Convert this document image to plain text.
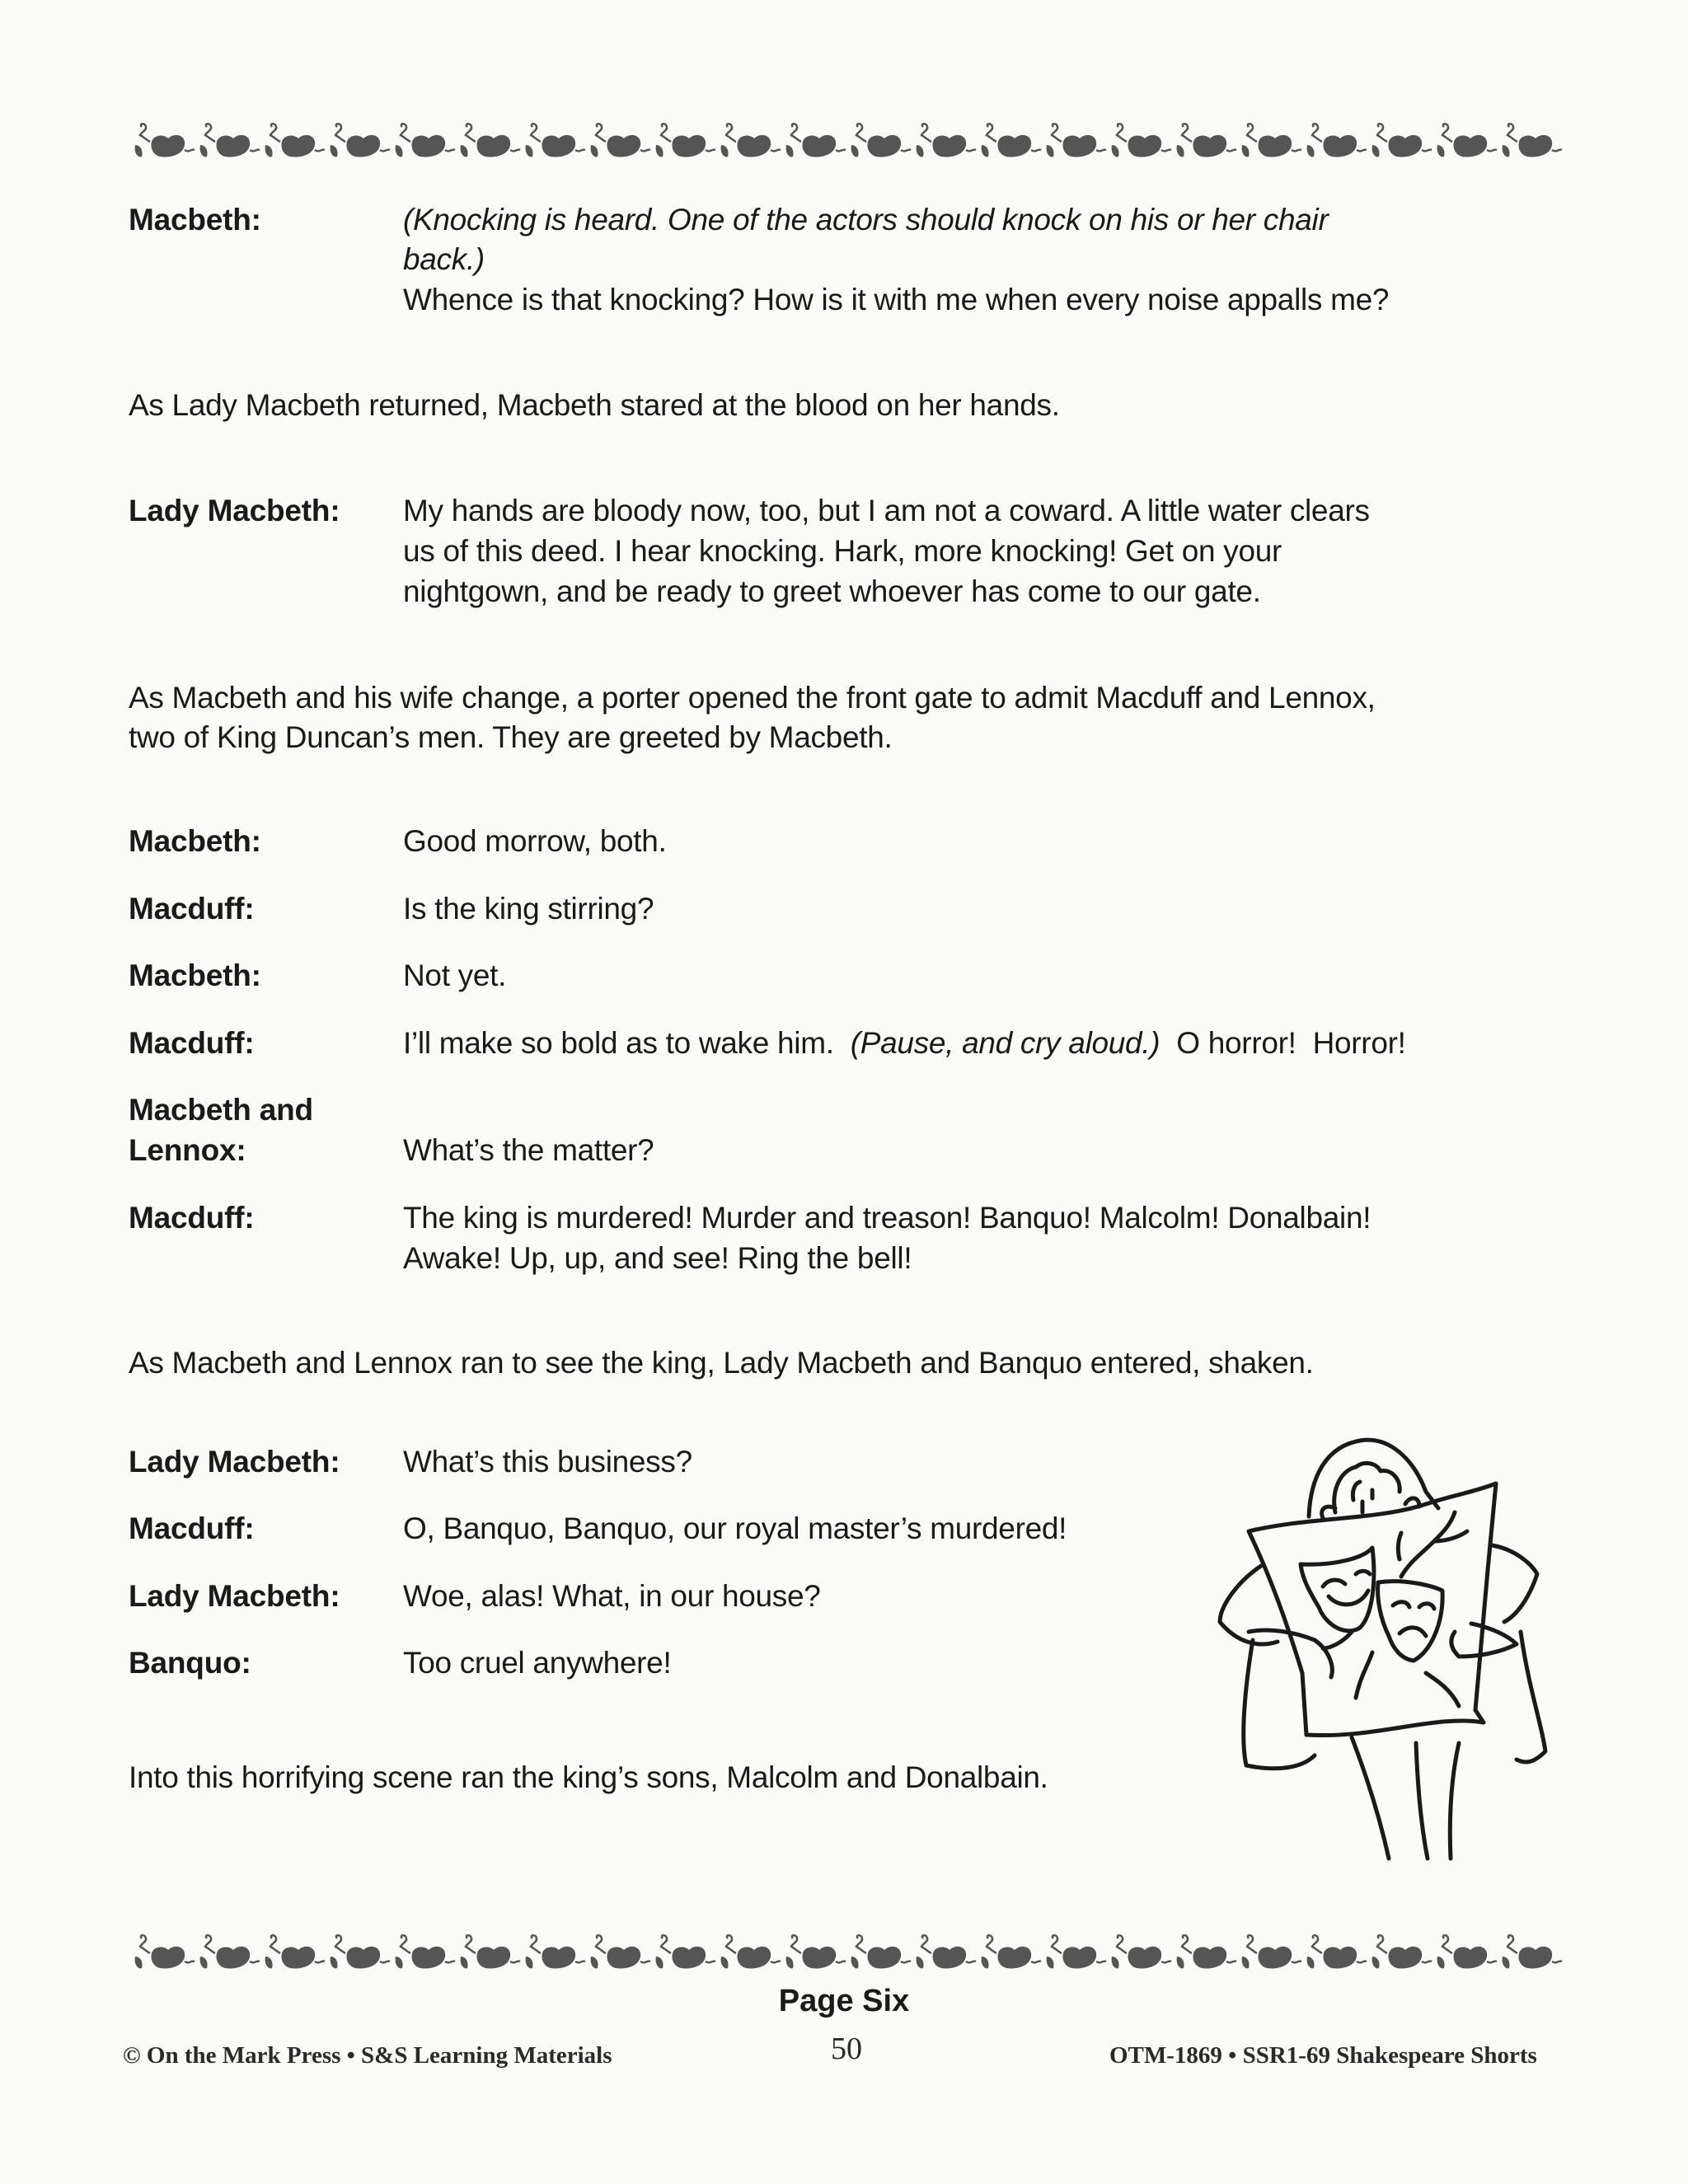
Macbeth:	(Knocking is heard. One of the actors should knock on his or her chair
back.)
Whence is that knocking? How is it with me when every noise appalls me?
As Lady Macbeth returned, Macbeth stared at the blood on her hands.
Lady Macbeth: My hands are bloody now, too, but I am not a coward. A little water clears
us of this deed. I hear knocking. Hark, more knocking! Get on your
nightgown, and be ready to greet whoever has come to our gate.
As Macbeth and his wife change, a porter opened the front gate to admit Macduff and Lennox,
two of King Duncan’s men. They are greeted by Macbeth.
Macbeth:	Good morrow, both.
Macduff:	Is the king stirring?
Macbeth:	Not yet.
Macduff:	I’ll make so bold as to wake him.  (Pause, and cry aloud.)  O horror!  Horror!
Macbeth and
Lennox:	What’s the matter?
Macduff:	The king is murdered! Murder and treason! Banquo! Malcolm! Donalbain!
Awake! Up, up, and see! Ring the bell!
As Macbeth and Lennox ran to see the king, Lady Macbeth and Banquo entered, shaken.
Lady Macbeth: What’s this business?
Macduff:	O, Banquo, Banquo, our royal master’s murdered!
Lady Macbeth: Woe, alas! What, in our house?
Banquo:	Too cruel anywhere!
Into this horrifying scene ran the king’s sons, Malcolm and Donalbain.
Page Six
© On the Mark Press • S&S Learning Materials	50	OTM-1869 • SSR1-69 Shakespeare Shorts
